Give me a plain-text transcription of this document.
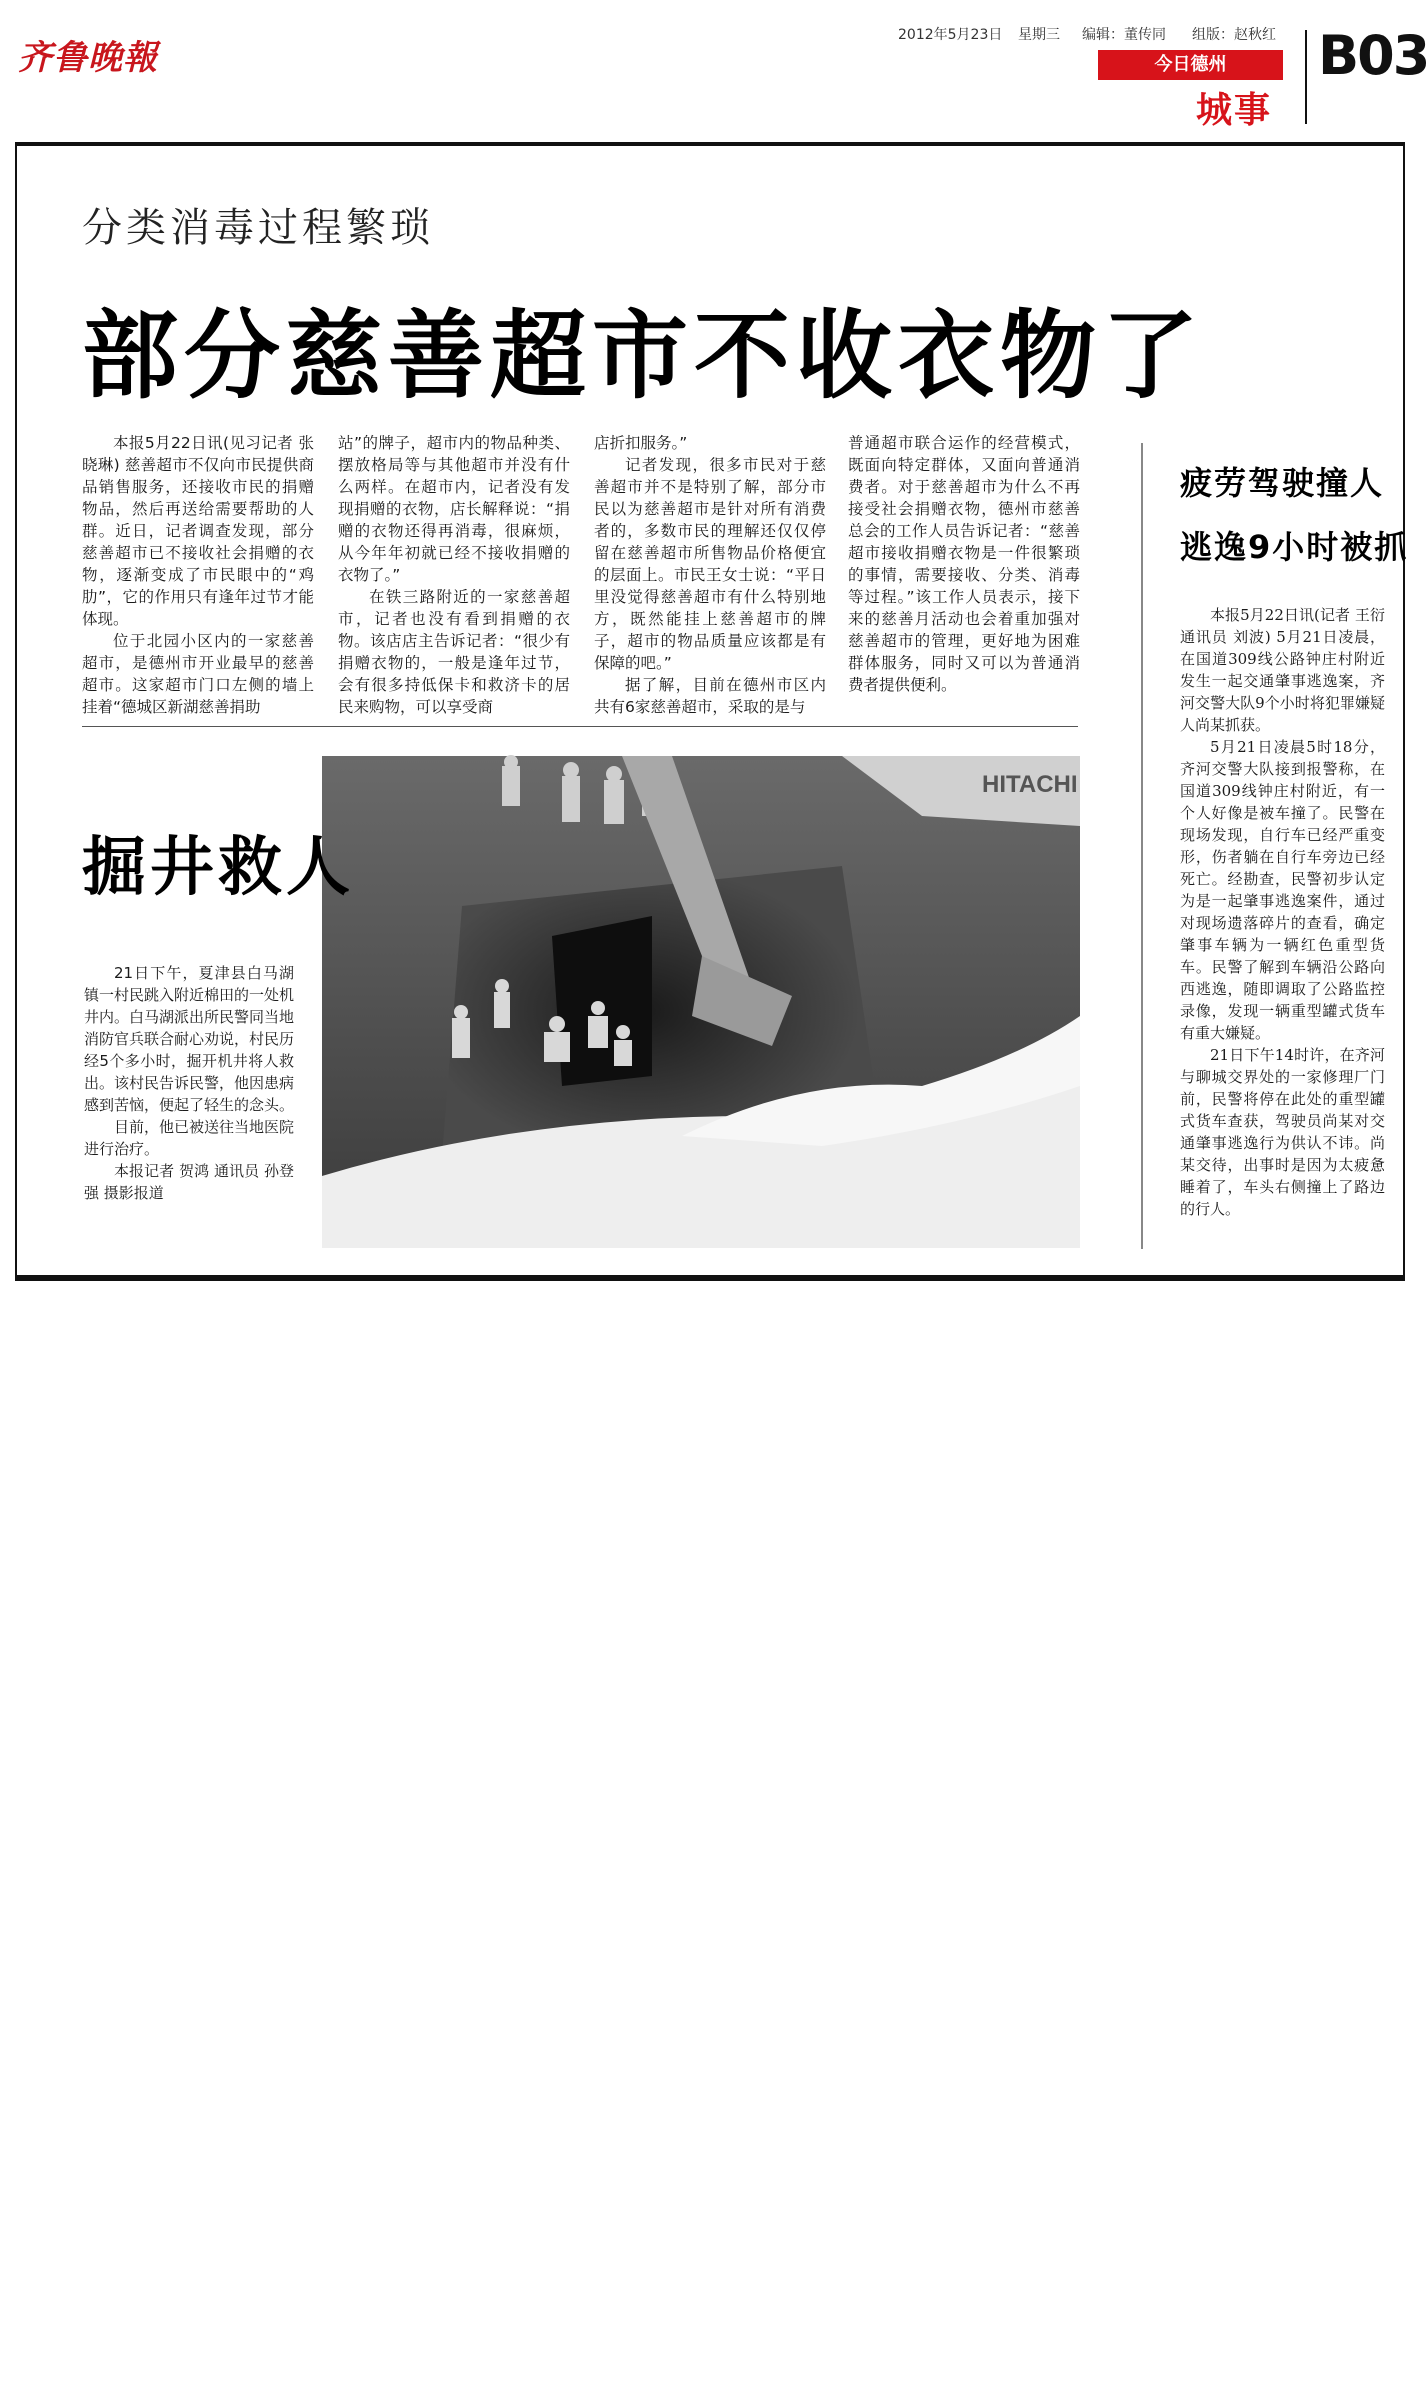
齐鲁晚報
2012年5月23日 星期三 编辑：董传同 组版：赵秋红
今日德州
城事
B03
分类消毒过程繁琐
部分慈善超市不收衣物了

本报5月22日讯(见习记者 张晓琳) 慈善超市不仅向市民提供商品销售服务，还接收市民的捐赠物品，然后再送给需要帮助的人群。近日，记者调查发现，部分慈善超市已不接收社会捐赠的衣物，逐渐变成了市民眼中的“鸡肋”，它的作用只有逢年过节才能体现。

位于北园小区内的一家慈善超市，是德州市开业最早的慈善超市。这家超市门口左侧的墙上挂着“德城区新湖慈善捐助

站”的牌子，超市内的物品种类、摆放格局等与其他超市并没有什么两样。在超市内，记者没有发现捐赠的衣物，店长解释说：“捐赠的衣物还得再消毒，很麻烦，从今年年初就已经不接收捐赠的衣物了。”

在铁三路附近的一家慈善超市，记者也没有看到捐赠的衣物。该店店主告诉记者：“很少有捐赠衣物的，一般是逢年过节，会有很多持低保卡和救济卡的居民来购物，可以享受商

店折扣服务。”

记者发现，很多市民对于慈善超市并不是特别了解，部分市民以为慈善超市是针对所有消费者的，多数市民的理解还仅仅停留在慈善超市所售物品价格便宜的层面上。市民王女士说：“平日里没觉得慈善超市有什么特别地方，既然能挂上慈善超市的牌子，超市的物品质量应该都是有保障的吧。”

据了解，目前在德州市区内共有6家慈善超市，采取的是与

普通超市联合运作的经营模式，既面向特定群体，又面向普通消费者。对于慈善超市为什么不再接受社会捐赠衣物，德州市慈善总会的工作人员告诉记者：“慈善超市接收捐赠衣物是一件很繁琐的事情，需要接收、分类、消毒等过程。”该工作人员表示，接下来的慈善月活动也会着重加强对慈善超市的管理，更好地为困难群体服务，同时又可以为普通消费者提供便利。

HITACHI
掘井救人

21日下午，夏津县白马湖镇一村民跳入附近棉田的一处机井内。白马湖派出所民警同当地消防官兵联合耐心劝说，村民历经5个多小时，掘开机井将人救出。该村民告诉民警，他因患病感到苦恼，便起了轻生的念头。

目前，他已被送往当地医院进行治疗。

本报记者 贺鸿 通讯员 孙登强 摄影报道

疲劳驾驶撞人
逃逸9小时被抓

本报5月22日讯(记者 王衍 通讯员 刘波) 5月21日凌晨，在国道309线公路钟庄村附近发生一起交通肇事逃逸案，齐河交警大队9个小时将犯罪嫌疑人尚某抓获。

5月21日凌晨5时18分，齐河交警大队接到报警称，在国道309线钟庄村附近，有一个人好像是被车撞了。民警在现场发现，自行车已经严重变形，伤者躺在自行车旁边已经死亡。经勘查，民警初步认定为是一起肇事逃逸案件，通过对现场遗落碎片的查看，确定肇事车辆为一辆红色重型货车。民警了解到车辆沿公路向西逃逸，随即调取了公路监控录像，发现一辆重型罐式货车有重大嫌疑。

21日下午14时许，在齐河与聊城交界处的一家修理厂门前，民警将停在此处的重型罐式货车查获，驾驶员尚某对交通肇事逃逸行为供认不讳。尚某交待，出事时是因为太疲惫睡着了，车头右侧撞上了路边的行人。
